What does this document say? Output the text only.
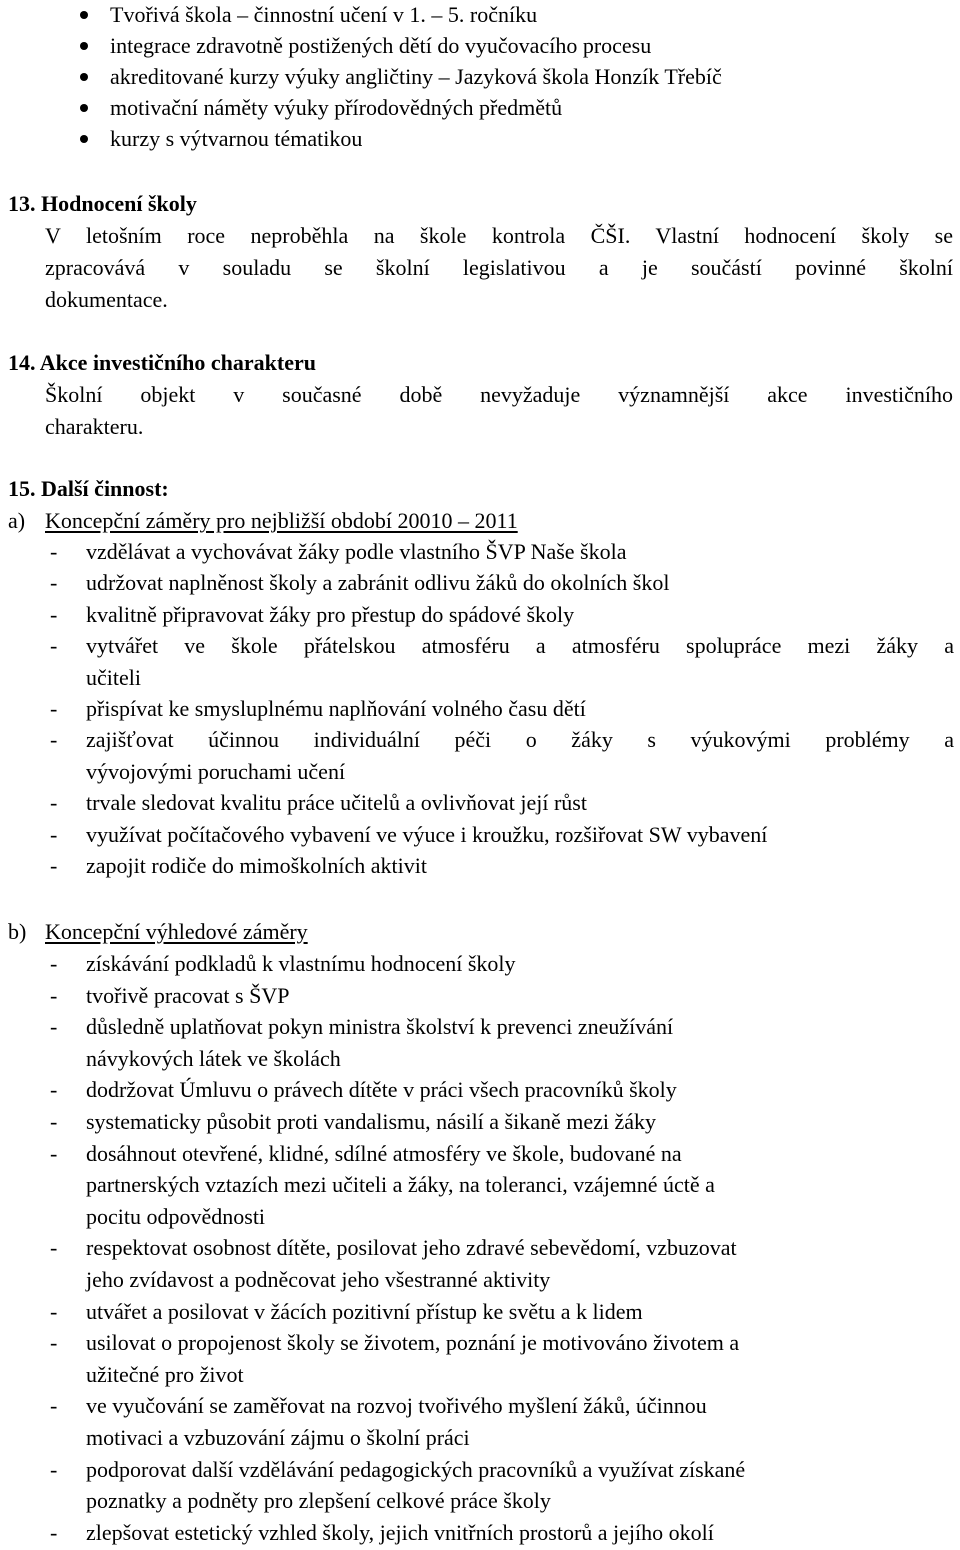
Tvořivá škola – činnostní učení v 1. – 5. ročníku
integrace zdravotně postižených dětí do vyučovacího procesu
akreditované kurzy výuky angličtiny – Jazyková škola Honzík Třebíč
motivační náměty výuky přírodovědných předmětů
kurzy s výtvarnou tématikou
13. Hodnocení školy
V letošním roce neproběhla na škole kontrola ČŠI. Vlastní hodnocení školy se
zpracovává v souladu se školní legislativou a je součástí povinné školní
dokumentace.
14. Akce investičního charakteru
Školní objekt v současné době nevyžaduje významnější akce investičního
charakteru.
15. Další činnost:
a) Koncepční záměry pro nejbližší období 20010 – 2011
- vzdělávat a vychovávat žáky podle vlastního ŠVP Naše škola
- udržovat naplněnost školy a zabránit odlivu žáků do okolních škol
- kvalitně připravovat žáky pro přestup do spádové školy
- vytvářet ve škole přátelskou atmosféru a atmosféru spolupráce mezi žáky a
učiteli
- přispívat ke smysluplnému naplňování volného času dětí
- zajišťovat účinnou individuální péči o žáky s výukovými problémy a
vývojovými poruchami učení
- trvale sledovat kvalitu práce učitelů a ovlivňovat její růst
- využívat počítačového vybavení ve výuce i kroužku, rozšiřovat SW vybavení
- zapojit rodiče do mimoškolních aktivit
b) Koncepční výhledové záměry
- získávání podkladů k vlastnímu hodnocení školy
- tvořivě pracovat s ŠVP
- důsledně uplatňovat pokyn ministra školství k prevenci zneužívání
návykových látek ve školách
- dodržovat Úmluvu o právech dítěte v práci všech pracovníků školy
- systematicky působit proti vandalismu, násilí a šikaně mezi žáky
- dosáhnout otevřené, klidné, sdílné atmosféry ve škole, budované na
partnerských vztazích mezi učiteli a žáky, na toleranci, vzájemné úctě a
pocitu odpovědnosti
- respektovat osobnost dítěte, posilovat jeho zdravé sebevědomí, vzbuzovat
jeho zvídavost a podněcovat jeho všestranné aktivity
- utvářet a posilovat v žácích pozitivní přístup ke světu a k lidem
- usilovat o propojenost školy se životem, poznání je motivováno životem a
užitečné pro život
- ve vyučování se zaměřovat na rozvoj tvořivého myšlení žáků, účinnou
motivaci a vzbuzování zájmu o školní práci
- podporovat další vzdělávání pedagogických pracovníků a využívat získané
poznatky a podněty pro zlepšení celkové práce školy
- zlepšovat estetický vzhled školy, jejich vnitřních prostorů a jejího okolí
